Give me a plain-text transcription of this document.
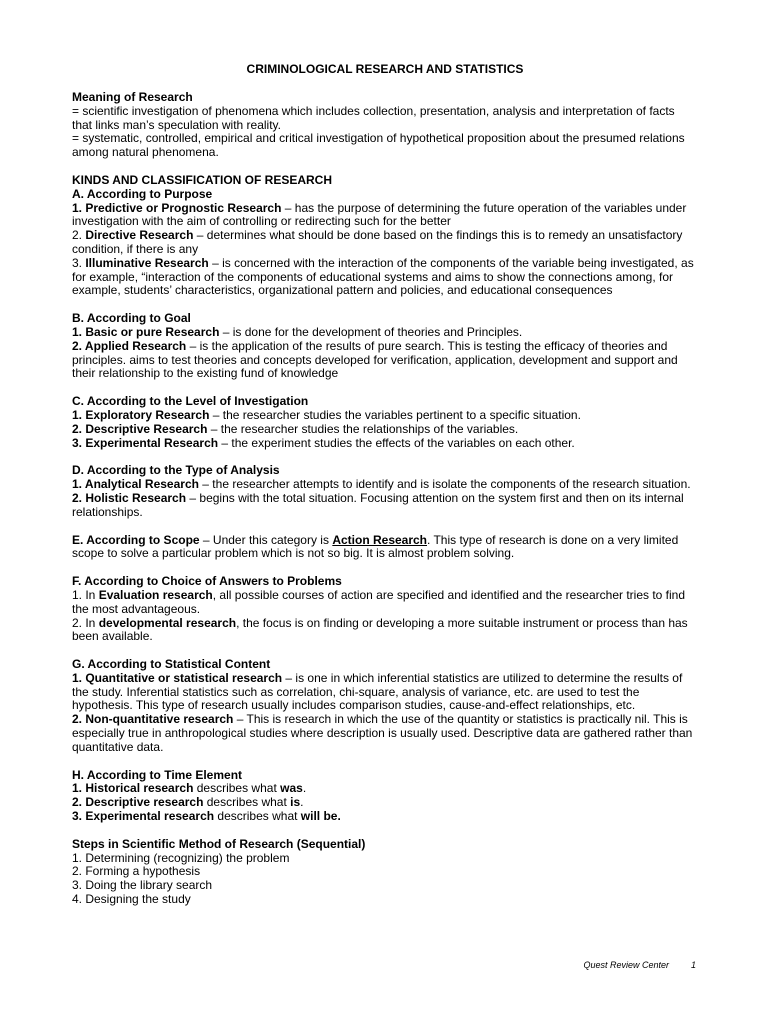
CRIMINOLOGICAL RESEARCH AND STATISTICS

Meaning of Research

= scientific investigation of phenomena which includes collection, presentation, analysis and interpretation of facts that links man’s speculation with reality.

= systematic, controlled, empirical and critical investigation of hypothetical proposition about the presumed relations among natural phenomena.

KINDS AND CLASSIFICATION OF RESEARCH

A. According to Purpose

1. Predictive or Prognostic Research – has the purpose of determining the future operation of the variables under investigation with the aim of controlling or redirecting such for the better

2. Directive Research – determines what should be done based on the findings this is to remedy an unsatisfactory condition, if there is any

3. Illuminative Research – is concerned with the interaction of the components of the variable being investigated, as for example, “interaction of the components of educational systems and aims to show the connections among, for example, students’ characteristics, organizational pattern and policies, and educational consequences

B. According to Goal

1. Basic or pure Research – is done for the development of theories and Principles.

2. Applied Research – is the application of the results of pure search. This is testing the efficacy of theories and principles. aims to test theories and concepts developed for verification, application, development and support and their relationship to the existing fund of knowledge

C. According to the Level of Investigation

1. Exploratory Research – the researcher studies the variables pertinent to a specific situation.

2. Descriptive Research – the researcher studies the relationships of the variables.

3. Experimental Research – the experiment studies the effects of the variables on each other.

D. According to the Type of Analysis

1. Analytical Research – the researcher attempts to identify and is isolate the components of the research situation.

2. Holistic Research – begins with the total situation. Focusing attention on the system first and then on its internal relationships.

E. According to Scope – Under this category is Action Research. This type of research is done on a very limited scope to solve a particular problem which is not so big. It is almost problem solving.

F. According to Choice of Answers to Problems

1. In Evaluation research, all possible courses of action are specified and identified and the researcher tries to find the most advantageous.

2. In developmental research, the focus is on finding or developing a more suitable instrument or process than has been available.

G. According to Statistical Content

1. Quantitative or statistical research – is one in which inferential statistics are utilized to determine the results of the study. Inferential statistics such as correlation, chi-square, analysis of variance, etc. are used to test the hypothesis. This type of research usually includes comparison studies, cause-and-effect relationships, etc.

2. Non-quantitative research – This is research in which the use of the quantity or statistics is practically nil. This is especially true in anthropological studies where description is usually used. Descriptive data are gathered rather than quantitative data.

H. According to Time Element

1. Historical research describes what was.

2. Descriptive research describes what is.

3. Experimental research describes what will be.

Steps in Scientific Method of Research (Sequential)

1. Determining (recognizing) the problem

2. Forming a hypothesis

3. Doing the library search

4. Designing the study

Quest Review Center 1
